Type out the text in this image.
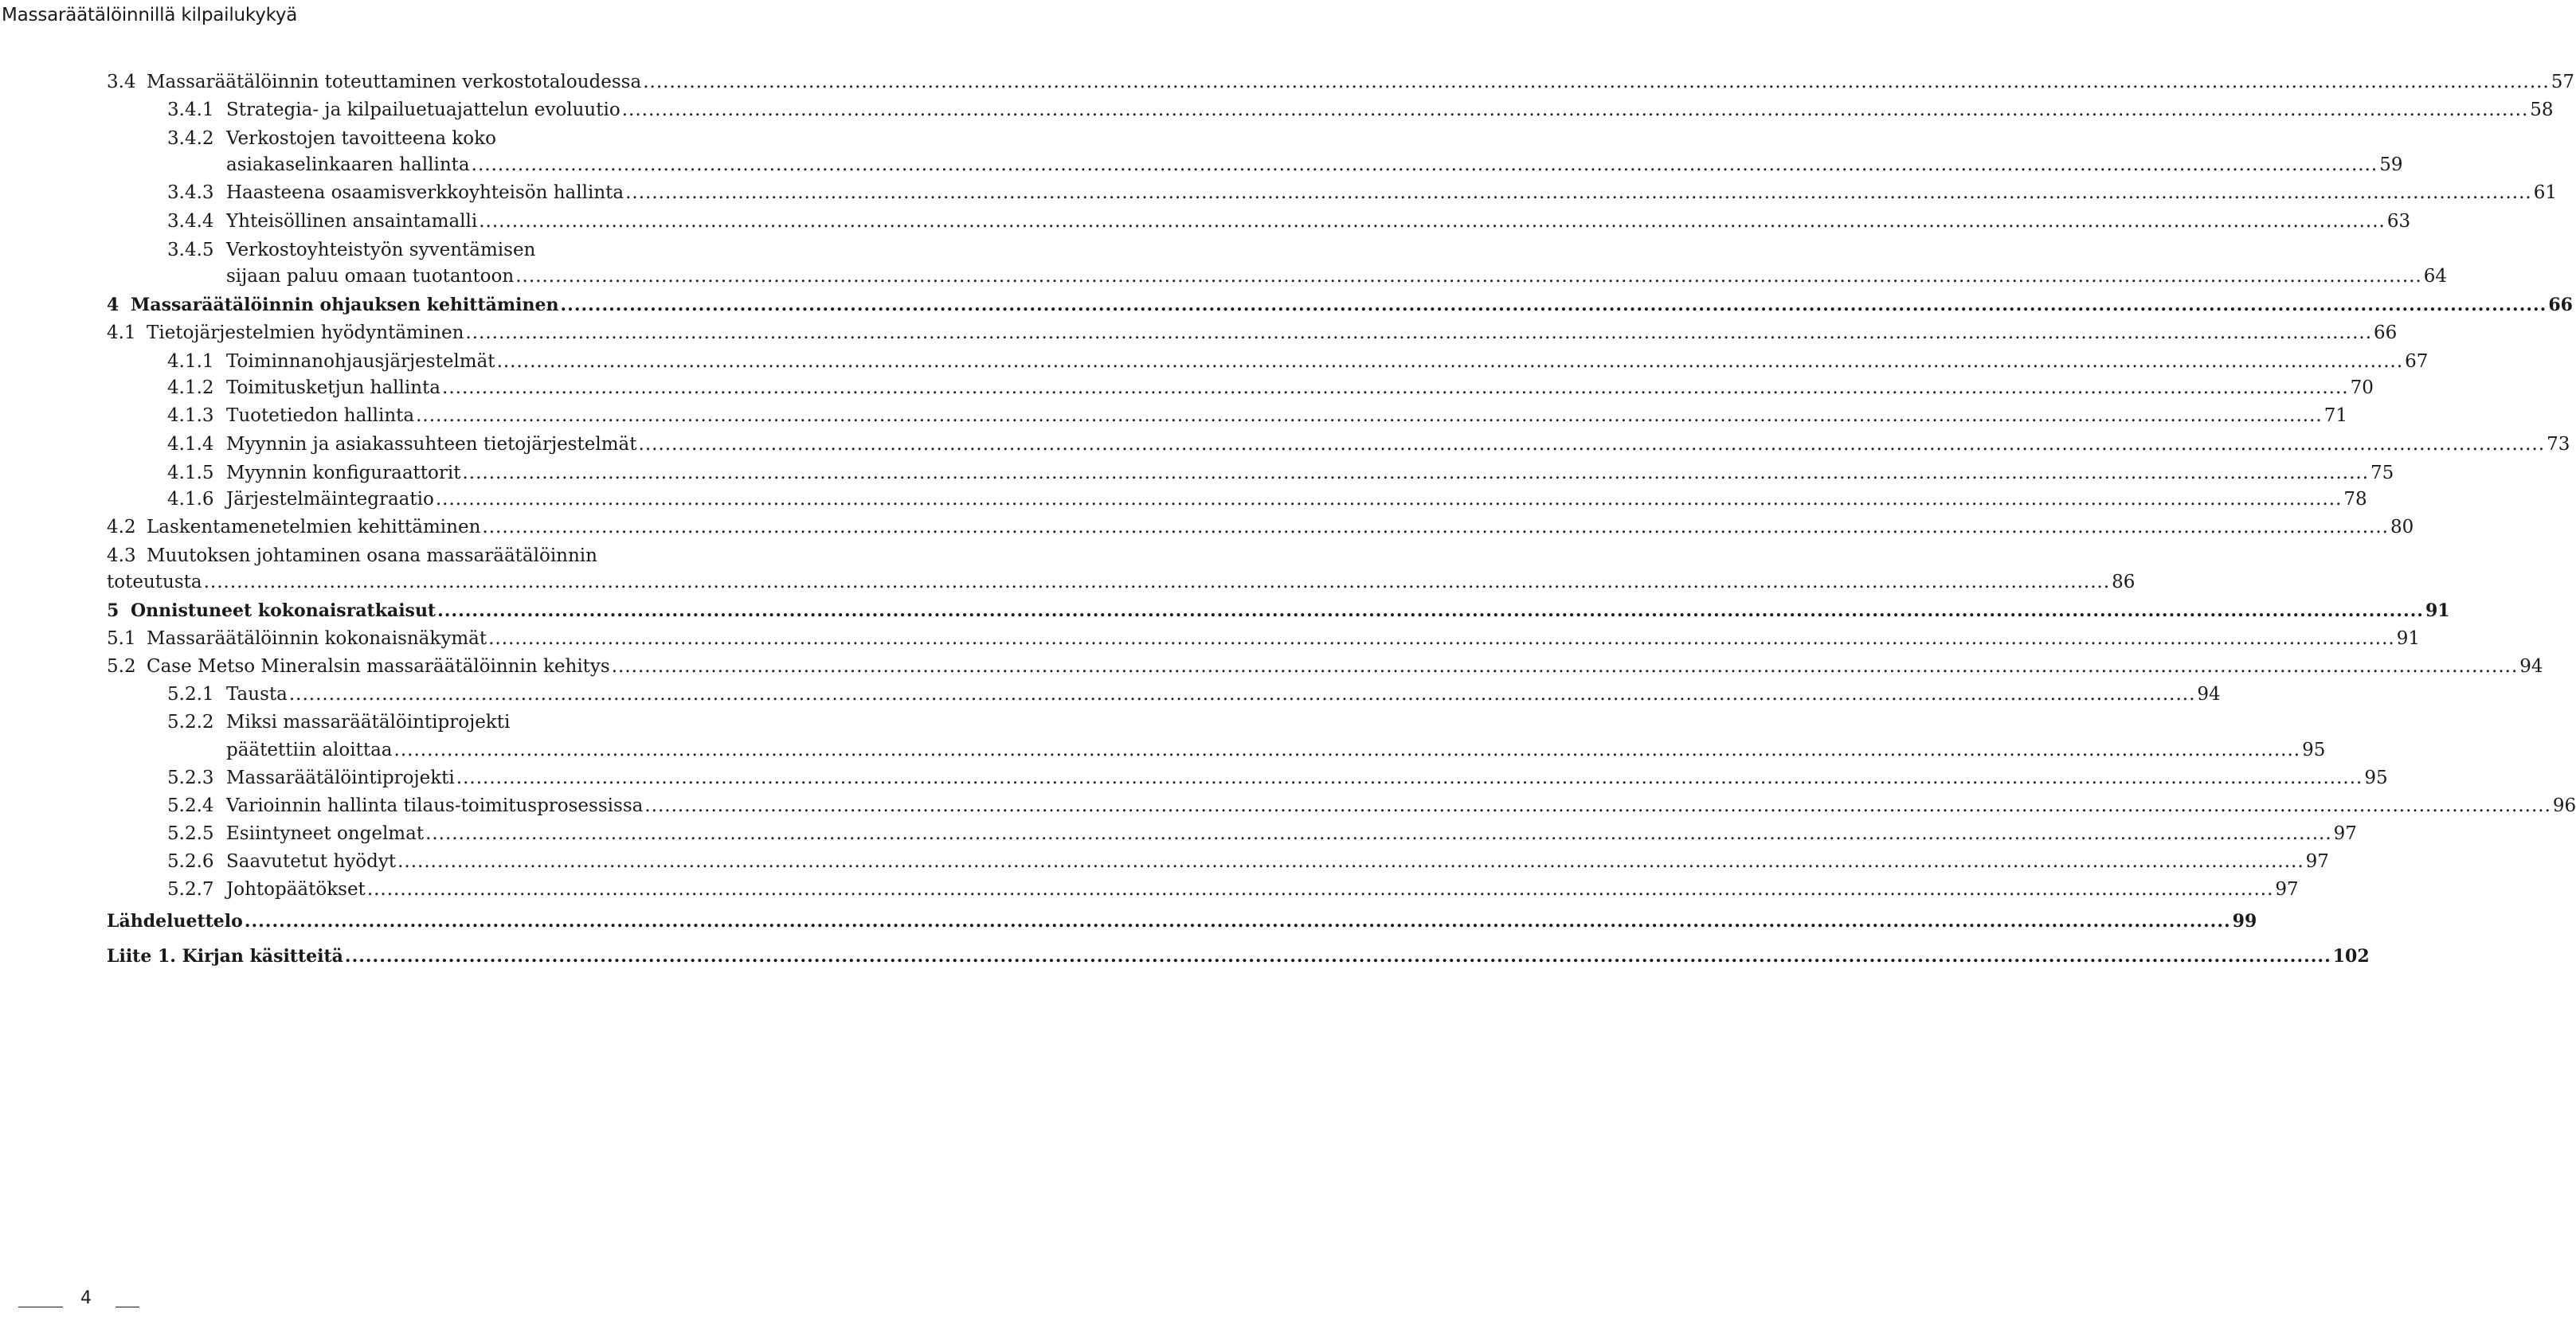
Massaräätälöinnillä kilpailukykyä
3.4 Massaräätälöinnin toteuttaminen verkostotaloudessa .....	57
3.4.1 Strategia- ja kilpailuetuajattelun evoluutio .....	58
3.4.2 Verkostojen tavoitteena koko
asiakaselinkaaren hallinta .....	59
3.4.3 Haasteena osaamisverkkoyhteisön hallinta .....	61
3.4.4 Yhteisöllinen ansaintamalli .....	63
3.4.5 Verkostoyhteistyön syventämisen
sijaan paluu omaan tuotantoon .....	64
4 Massaräätälöinnin ohjauksen kehittäminen .....	66
4.1 Tietojärjestelmien hyödyntäminen .....	66
4.1.1 Toiminnanohjausjärjestelmät .....	67
4.1.2 Toimitusketjun hallinta .....	70
4.1.3 Tuotetiedon hallinta .....	71
4.1.4 Myynnin ja asiakassuhteen tietojärjestelmät .....	73
4.1.5 Myynnin konfiguraattorit .....	75
4.1.6 Järjestelmäintegraatio .....	78
4.2 Laskentamenetelmien kehittäminen .....	80
4.3 Muutoksen johtaminen osana massaräätälöinnin
toteutusta .....	86
5 Onnistuneet kokonaisratkaisut .....	91
5.1 Massaräätälöinnin kokonaisnäkymät .....	91
5.2 Case Metso Mineralsin massaräätälöinnin kehitys .....	94
5.2.1 Tausta .....	94
5.2.2 Miksi massaräätälöintiprojekti
päätettiin aloittaa .....	95
5.2.3 Massaräätälöintiprojekti .....	95
5.2.4 Varioinnin hallinta tilaus-toimitusprosessissa .....	96
5.2.5 Esiintyneet ongelmat .....	97
5.2.6 Saavutetut hyödyt .....	97
5.2.7 Johtopäätökset .....	97
Lähdeluettelo .....	99
Liite 1. Kirjan käsitteitä .....	102
4
